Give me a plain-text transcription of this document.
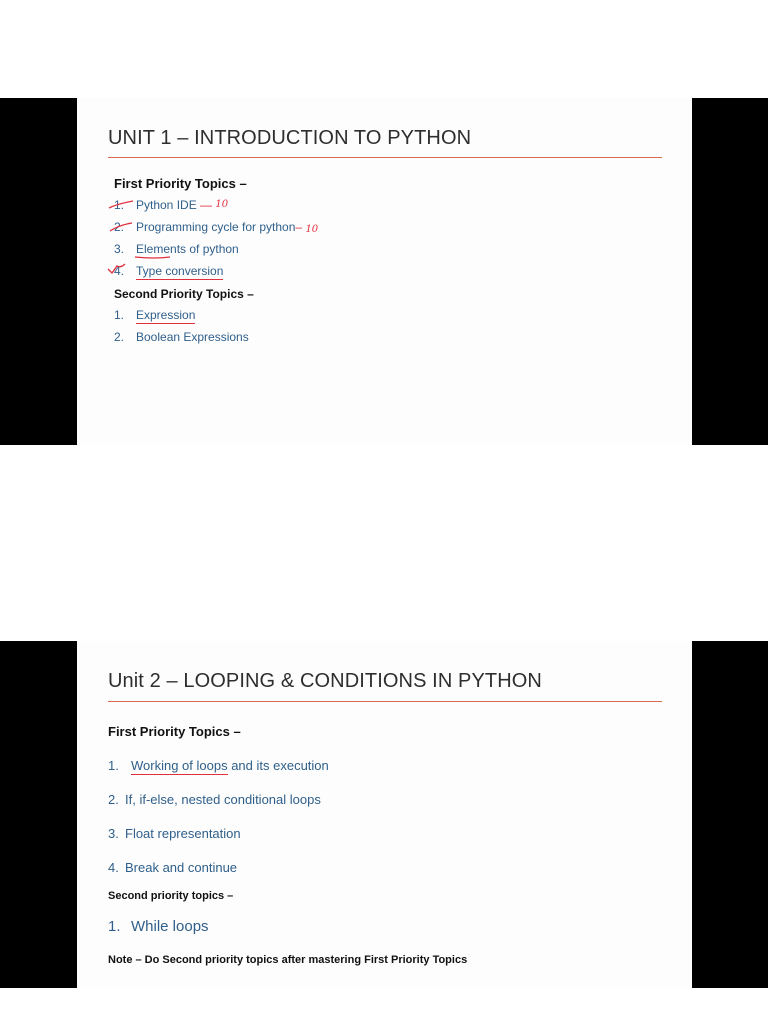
UNIT 1 – INTRODUCTION TO PYTHON
First Priority Topics –
1. Python IDE — 10
2. Programming cycle for python– 10
3. Elements of python
4. Type conversion
Second Priority Topics –
1. Expression
2. Boolean Expressions
Unit 2 – LOOPING & CONDITIONS IN PYTHON
First Priority Topics –
1. Working of loops and its execution
2. If, if-else, nested conditional loops
3. Float representation
4. Break and continue
Second priority topics –
1. While loops
Note – Do Second priority topics after mastering First Priority Topics
